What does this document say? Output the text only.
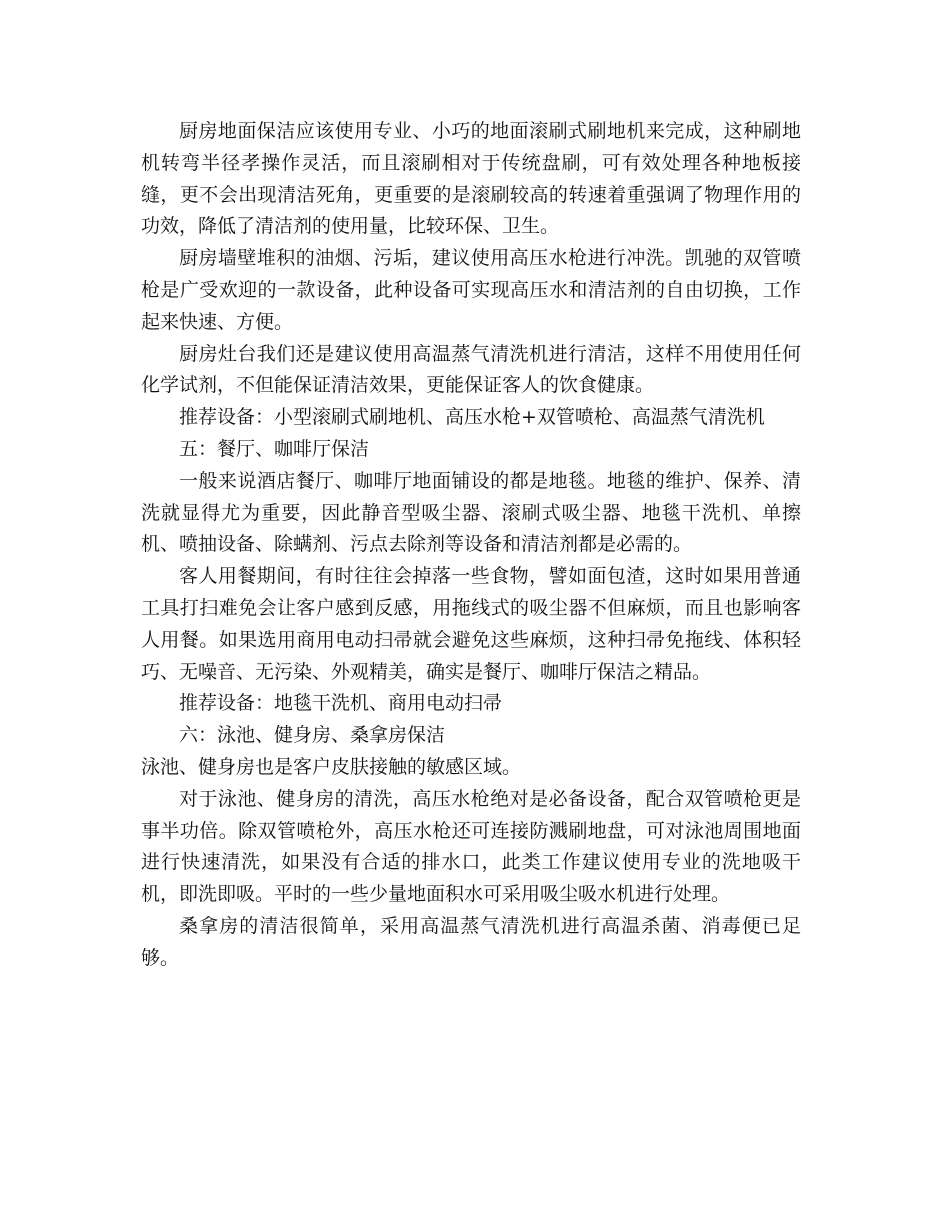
厨房地面保洁应该使用专业、小巧的地面滚刷式刷地机来完成，这种刷地机转弯半径孝操作灵活，而且滚刷相对于传统盘刷，可有效处理各种地板接缝，更不会出现清洁死角，更重要的是滚刷较高的转速着重强调了物理作用的功效，降低了清洁剂的使用量，比较环保、卫生。

厨房墙壁堆积的油烟、污垢，建议使用高压水枪进行冲洗。凯驰的双管喷枪是广受欢迎的一款设备，此种设备可实现高压水和清洁剂的自由切换，工作起来快速、方便。

厨房灶台我们还是建议使用高温蒸气清洗机进行清洁，这样不用使用任何化学试剂，不但能保证清洁效果，更能保证客人的饮食健康。

推荐设备：小型滚刷式刷地机、高压水枪+双管喷枪、高温蒸气清洗机

五：餐厅、咖啡厅保洁

一般来说酒店餐厅、咖啡厅地面铺设的都是地毯。地毯的维护、保养、清洗就显得尤为重要，因此静音型吸尘器、滚刷式吸尘器、地毯干洗机、单擦机、喷抽设备、除螨剂、污点去除剂等设备和清洁剂都是必需的。

客人用餐期间，有时往往会掉落一些食物，譬如面包渣，这时如果用普通工具打扫难免会让客户感到反感，用拖线式的吸尘器不但麻烦，而且也影响客人用餐。如果选用商用电动扫帚就会避免这些麻烦，这种扫帚免拖线、体积轻巧、无噪音、无污染、外观精美，确实是餐厅、咖啡厅保洁之精品。

推荐设备：地毯干洗机、商用电动扫帚

六：泳池、健身房、桑拿房保洁

泳池、健身房也是客户皮肤接触的敏感区域。

对于泳池、健身房的清洗，高压水枪绝对是必备设备，配合双管喷枪更是事半功倍。除双管喷枪外，高压水枪还可连接防溅刷地盘，可对泳池周围地面进行快速清洗，如果没有合适的排水口，此类工作建议使用专业的洗地吸干机，即洗即吸。平时的一些少量地面积水可采用吸尘吸水机进行处理。

桑拿房的清洁很简单，采用高温蒸气清洗机进行高温杀菌、消毒便已足够。
